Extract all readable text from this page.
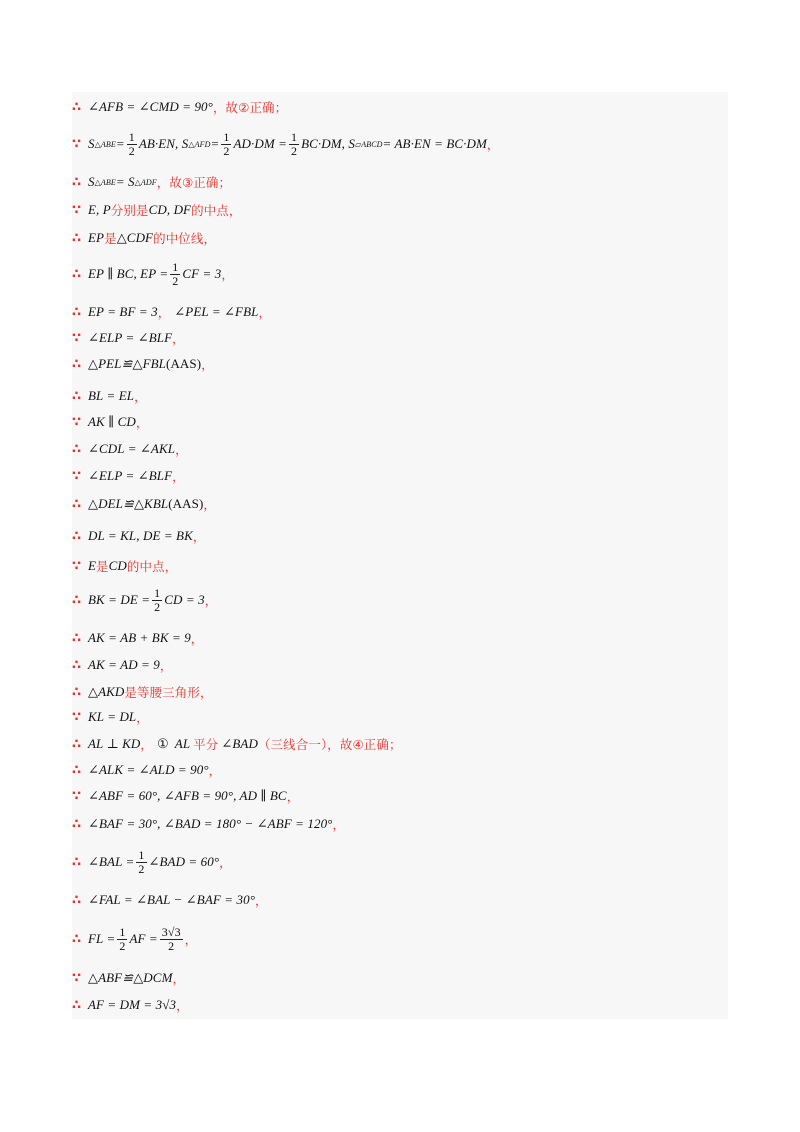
∴ ∠AFB = ∠CMD = 90° ，故②正确；
∵ S △ABE = $\frac{1}{2} AB\cdot EN$, S △AFD = $\frac{1}{2} AD\cdot DM = \frac{1}{2} BC\cdot DM$, S ▱ABCD = AB·EN = BC·DM ，
∴ S △ABE = S △ADF ，故③正确；
∵ E, P 分别是 CD, DF 的中点，
∴ EP 是 △CDF 的中位线，
∴ EP ∥ BC, EP = $\frac{1}{2}$ CF = 3 ，
∴ EP = BF = 3 ， ∠PEL = ∠FBL ，
∵ ∠ELP = ∠BLF ，
∴ △PEL≌△FBL (AAS) ，
∴ BL = EL ，
∵ AK ∥ CD ，
∴ ∠CDL = ∠AKL ，
∵ ∠ELP = ∠BLF ，
∴ △DEL≌△KBL (AAS) ，
∴ DL = KL, DE = BK ，
∵ E 是 CD 的中点，
∴ BK = DE = $\frac{1}{2}$ CD = 3 ，
∴ AK = AB + BK = 9 ，
∴ AK = AD = 9 ，
∴ △AKD 是等腰三角形，
∵ KL = DL ，
∴ AL ⊥ KD ， ① AL 平分 ∠BAD （三线合一），故④正确；
∴ ∠ALK = ∠ALD = 90° ，
∵ ∠ABF = 60°, ∠AFB = 90°, AD ∥ BC ，
∴ ∠BAF = 30°, ∠BAD = 180° − ∠ABF = 120° ，
∴ ∠BAL = $\frac{1}{2}$ ∠BAD = 60° ，
∴ ∠FAL = ∠BAL − ∠BAF = 30° ，
∴ FL = $\frac{1}{2}$ AF = $\frac{3√3}{2}$ ，
∵ △ABF≌△DCM ，
∴ AF = DM = 3√3 ，
